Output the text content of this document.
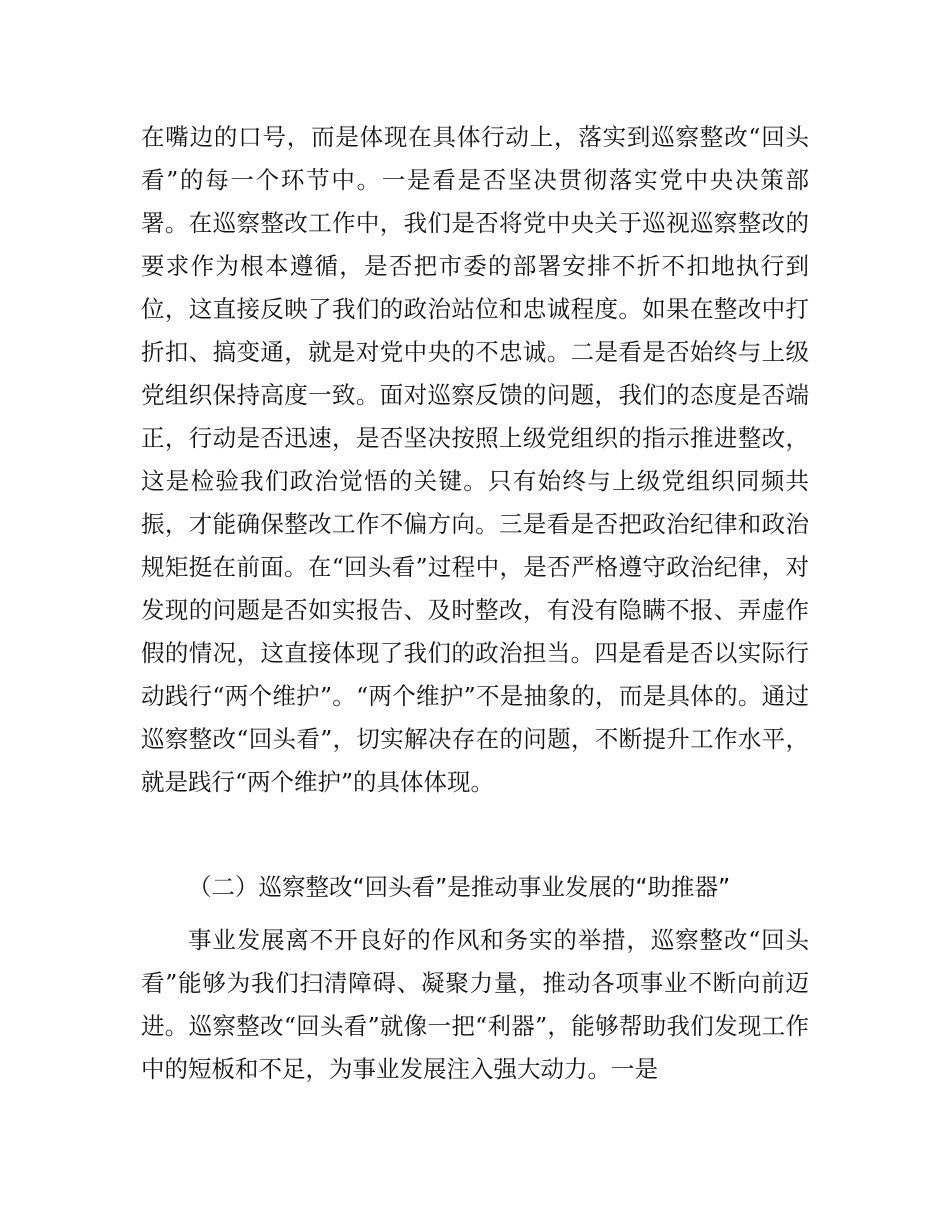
在嘴边的口号，而是体现在具体行动上，落实到巡察整改“回头看”的每一个环节中。一是看是否坚决贯彻落实党中央决策部署。在巡察整改工作中，我们是否将党中央关于巡视巡察整改的要求作为根本遵循，是否把市委的部署安排不折不扣地执行到位，这直接反映了我们的政治站位和忠诚程度。如果在整改中打折扣、搞变通，就是对党中央的不忠诚。二是看是否始终与上级党组织保持高度一致。面对巡察反馈的问题，我们的态度是否端正，行动是否迅速，是否坚决按照上级党组织的指示推进整改，这是检验我们政治觉悟的关键。只有始终与上级党组织同频共振，才能确保整改工作不偏方向。三是看是否把政治纪律和政治规矩挺在前面。在“回头看”过程中，是否严格遵守政治纪律，对发现的问题是否如实报告、及时整改，有没有隐瞒不报、弄虚作假的情况，这直接体现了我们的政治担当。四是看是否以实际行动践行“两个维护”。“两个维护”不是抽象的，而是具体的。通过巡察整改“回头看”，切实解决存在的问题，不断提升工作水平，就是践行“两个维护”的具体体现。

（二）巡察整改“回头看”是推动事业发展的“助推器”

事业发展离不开良好的作风和务实的举措，巡察整改“回头看”能够为我们扫清障碍、凝聚力量，推动各项事业不断向前迈进。巡察整改“回头看”就像一把“利器”，能够帮助我们发现工作中的短板和不足，为事业发展注入强大动力。一是
